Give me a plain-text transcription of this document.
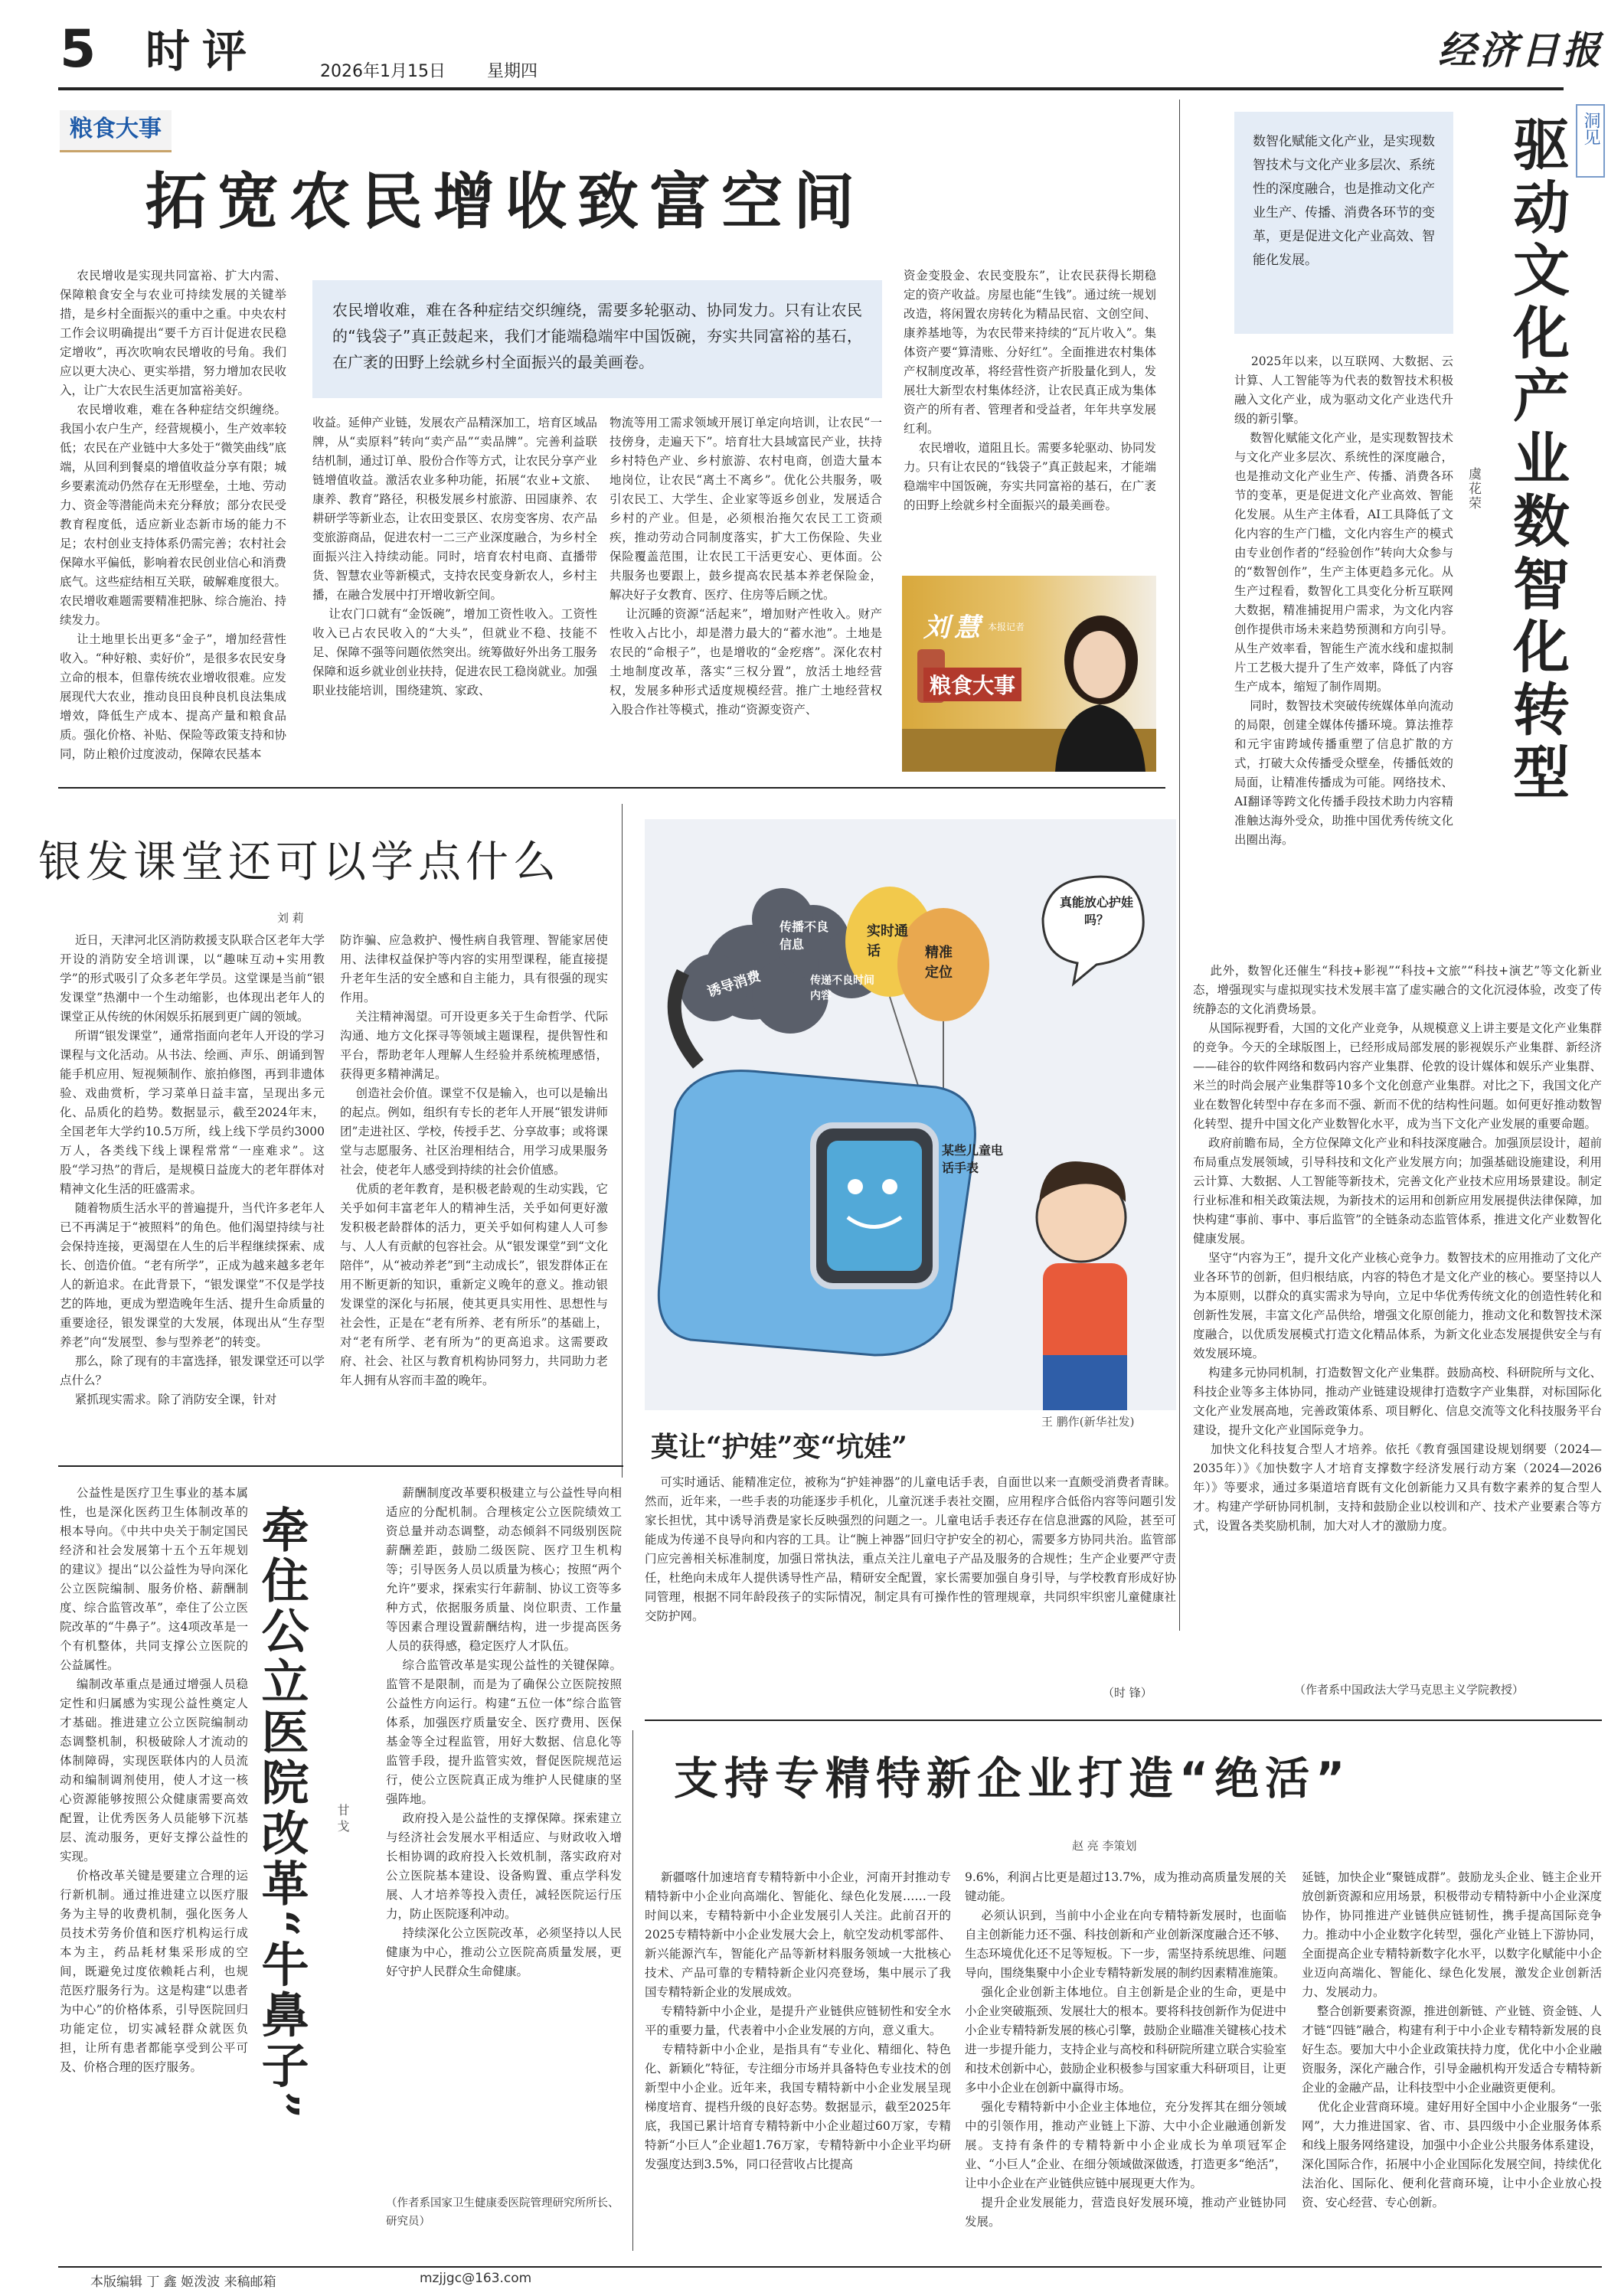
5 时评	2026年1月15日 星期四	经济日报
粮食大事
拓宽农民增收致富空间
农民增收是实现共同富裕、扩大内需、保障粮食安全与农业可持续发展的关键举措，是乡村全面振兴的重中之重。中央农村工作会议明确提出“要千方百计促进农民稳定增收”，再次吹响农民增收的号角。我们应以更大决心、更实举措，努力增加农民收入，让广大农民生活更加富裕美好。
农民增收难，难在各种症结交织缠绕。我国小农户生产，经营规模小，生产效率较低；农民在产业链中大多处于“微笑曲线”底端，从回利到餐桌的增值收益分享有限；城乡要素流动仍然存在无形壁垒，土地、劳动力、资金等潜能尚未充分释放；部分农民受教育程度低，适应新业态新市场的能力不足；农村创业支持体系仍需完善；农村社会保障水平偏低，影响着农民创业信心和消费底气。这些症结相互关联，破解难度很大。农民增收难题需要精准把脉、综合施治、持续发力。
让土地里长出更多“金子”，增加经营性收入。“种好粮、卖好价”，是很多农民安身立命的根本，但靠传统农业增收很难。应发展现代大农业，推动良田良种良机良法集成增效，降低生产成本、提高产量和粮食品质。强化价格、补贴、保险等政策支持和协同，防止粮价过度波动，保障农民基本
农民增收难，难在各种症结交织缠绕，需要多轮驱动、协同发力。只有让农民的“钱袋子”真正鼓起来，我们才能端稳端牢中国饭碗，夯实共同富裕的基石，在广袤的田野上绘就乡村全面振兴的最美画卷。
收益。延伸产业链，发展农产品精深加工，培育区域品牌，从“卖原料”转向“卖产品”“卖品牌”。完善利益联结机制，通过订单、股份合作等方式，让农民分享产业链增值收益。激活农业多种功能，拓展“农业+文旅、康养、教育”路径，积极发展乡村旅游、田园康养、农耕研学等新业态，让农田变景区、农房变客房、农产品变旅游商品，促进农村一二三产业深度融合，为乡村全面振兴注入持续动能。同时，培育农村电商、直播带货、智慧农业等新模式，支持农民变身新农人，乡村主播，在融合发展中打开增收新空间。
让农门口就有“金饭碗”，增加工资性收入。工资性收入已占农民收入的“大头”，但就业不稳、技能不足、保障不强等问题依然突出。统筹做好外出务工服务保障和返乡就业创业扶持，促进农民工稳岗就业。加强职业技能培训，围绕建筑、家政、
物流等用工需求领域开展订单定向培训，让农民“一技傍身，走遍天下”。培育壮大县域富民产业，扶持乡村特色产业、乡村旅游、农村电商，创造大量本地岗位，让农民“离土不离乡”。优化公共服务，吸引农民工、大学生、企业家等返乡创业，发展适合乡村的产业。但是，必须根治拖欠农民工工资顽疾，推动劳动合同制度落实，扩大工伤保险、失业保险覆盖范围，让农民工干活更安心、更体面。公共服务也要跟上，鼓乡提高农民基本养老保险金，解决好子女教育、医疗、住房等后顾之忧。
让沉睡的资源“活起来”，增加财产性收入。财产性收入占比小，却是潜力最大的“蓄水池”。土地是农民的“命根子”，也是增收的“金疙瘩”。深化农村土地制度改革，落实“三权分置”，放活土地经营权，发展多种形式适度规模经营。推广土地经营权入股合作社等模式，推动“资源变资产、
资金变股金、农民变股东”，让农民获得长期稳定的资产收益。房屋也能“生钱”。通过统一规划改造，将闲置农房转化为精品民宿、文创空间、康养基地等，为农民带来持续的“瓦片收入”。集体资产要“算清账、分好红”。全面推进农村集体产权制度改革，将经营性资产折股量化到人，发展壮大新型农村集体经济，让农民真正成为集体资产的所有者、管理者和受益者，年年共享发展红利。
农民增收，道阻且长。需要多轮驱动、协同发力。只有让农民的“钱袋子”真正鼓起来，才能端稳端牢中国饭碗，夯实共同富裕的基石，在广袤的田野上绘就乡村全面振兴的最美画卷。
刘慧 本报记者
粮食大事
数智化赋能文化产业，是实现数智技术与文化产业多层次、系统性的深度融合，也是推动文化产业生产、传播、消费各环节的变革，更是促进文化产业高效、智能化发展。
洞见
驱动文化产业数智化转型
虞花荣
2025年以来，以互联网、大数据、云计算、人工智能等为代表的数智技术积极融入文化产业，成为驱动文化产业迭代升级的新引擎。
数智化赋能文化产业，是实现数智技术与文化产业多层次、系统性的深度融合，也是推动文化产业生产、传播、消费各环节的变革，更是促进文化产业高效、智能化发展。从生产主体看，AI工具降低了文化内容的生产门槛，文化内容生产的模式由专业创作者的“经验创作”转向大众参与的“数智创作”，生产主体更趋多元化。从生产过程看，数智化工具变化分析互联网大数据，精准捕捉用户需求，为文化内容创作提供市场未来趋势预测和方向引导。从生产效率看，智能生产流水线和虚拟制片工艺极大提升了生产效率，降低了内容生产成本，缩短了制作周期。
同时，数智技术突破传统媒体单向流动的局限，创建全媒体传播环境。算法推荐和元宇宙跨域传播重塑了信息扩散的方式，打破大众传播受众壁垒，传播低效的局面，让精准传播成为可能。网络技术、AI翻译等跨文化传播手段技术助力内容精准触达海外受众，助推中国优秀传统文化出圈出海。
此外，数智化还催生“科技+影视”“科技+文旅”“科技+演艺”等文化新业态，增强现实与虚拟现实技术发展丰富了虚实融合的文化沉浸体验，改变了传统静态的文化消费场景。
从国际视野看，大国的文化产业竞争，从规模意义上讲主要是文化产业集群的竞争。今天的全球版图上，已经形成局部发展的影视娱乐产业集群、新经济——硅谷的软件网络和数码内容产业集群、伦敦的设计媒体和娱乐产业集群、米兰的时尚会展产业集群等10多个文化创意产业集群。对比之下，我国文化产业在数智化转型中存在多而不强、新而不优的结构性问题。如何更好推动数智化转型、提升中国文化产业数智化水平，成为当下文化产业发展的重要命题。
政府前瞻布局，全方位保障文化产业和科技深度融合。加强顶层设计，超前布局重点发展领域，引导科技和文化产业发展方向；加强基础设施建设，利用云计算、大数据、人工智能等新技术，完善文化产业技术应用场景建设。制定行业标准和相关政策法规，为新技术的运用和创新应用发展提供法律保障，加快构建“事前、事中、事后监管”的全链条动态监管体系，推进文化产业数智化健康发展。
坚守“内容为王”，提升文化产业核心竞争力。数智技术的应用推动了文化产业各环节的创新，但归根结底，内容的特色才是文化产业的核心。要坚持以人为本原则，以群众的真实需求为导向，立足中华优秀传统文化的创造性转化和创新性发展，丰富文化产品供给，增强文化原创能力，推动文化和数智技术深度融合，以优质发展模式打造文化精品体系，为新文化业态发展提供安全与有效发展环境。
构建多元协同机制，打造数智文化产业集群。鼓励高校、科研院所与文化、科技企业等多主体协同，推动产业链建设规律打造数字产业集群，对标国际化文化产业发展高地，完善政策体系、项目孵化、信息交流等文化科技服务平台建设，提升文化产业国际竞争力。
加快文化科技复合型人才培养。依托《教育强国建设规划纲要（2024—2035年）》《加快数字人才培育支撑数字经济发展行动方案（2024—2026年）》等要求，通过多渠道培育既有文化创新能力又具有数字素养的复合型人才。构建产学研协同机制，支持和鼓励企业以校训和产、技术产业要素合等方式，设置各类奖励机制，加大对人才的激励力度。
（作者系中国政法大学马克思主义学院教授）
银发课堂还可以学点什么
刘 莉
近日，天津河北区消防救援支队联合区老年大学开设的消防安全培训课，以“趣味互动+实用教学”的形式吸引了众多老年学员。这堂课是当前“银发课堂”热潮中一个生动缩影，也体现出老年人的课堂正从传统的休闲娱乐拓展到更广阔的领域。
所谓“银发课堂”，通常指面向老年人开设的学习课程与文化活动。从书法、绘画、声乐、朗诵到智能手机应用、短视频制作、旅拍修图，再到非遗体验、戏曲赏析，学习菜单日益丰富，呈现出多元化、品质化的趋势。数据显示，截至2024年末，全国老年大学约10.5万所，线上线下学员约3000万人，各类线下线上课程常常“一座难求”。这股“学习热”的背后，是规模日益庞大的老年群体对精神文化生活的旺盛需求。
随着物质生活水平的普遍提升，当代许多老年人已不再满足于“被照料”的角色。他们渴望持续与社会保持连接，更渴望在人生的后半程继续探索、成长、创造价值。“老有所学”，正成为越来越多老年人的新追求。在此背景下，“银发课堂”不仅是学技艺的阵地，更成为塑造晚年生活、提升生命质量的重要途径，银发课堂的大发展，体现出从“生存型养老”向“发展型、参与型养老”的转变。
那么，除了现有的丰富选择，银发课堂还可以学点什么？
紧抓现实需求。除了消防安全课，针对
防诈骗、应急救护、慢性病自我管理、智能家居使用、法律权益保护等内容的实用型课程，能直接提升老年生活的安全感和自主能力，具有很强的现实作用。
关注精神渴望。可开设更多关于生命哲学、代际沟通、地方文化探寻等领域主题课程，提供智性和平台，帮助老年人理解人生经验并系统梳理感悟，获得更多精神满足。
创造社会价值。课堂不仅是输入，也可以是输出的起点。例如，组织有专长的老年人开展“银发讲师团”走进社区、学校，传授手艺、分享故事；或将课堂与志愿服务、社区治理相结合，用学习成果服务社会，使老年人感受到持续的社会价值感。
优质的老年教育，是积极老龄观的生动实践，它关乎如何丰富老年人的精神生活，关乎如何更好激发积极老龄群体的活力，更关乎如何构建人人可参与、人人有贡献的包容社会。从“银发课堂”到“文化陪伴”，从“被动养老”到“主动成长”，银发群体正在用不断更新的知识，重新定义晚年的意义。推动银发课堂的深化与拓展，使其更具实用性、思想性与社会性，正是在“老有所养、老有所乐”的基础上，对“老有所学、老有所为”的更高追求。这需要政府、社会、社区与教育机构协同努力，共同助力老年人拥有从容而丰盈的晚年。
诱导消费
传播不良信息
传递不良时间内容
实时通话	精准定位
真能放心护娃吗？
某些儿童电话手表
王 鹏作(新华社发)
莫让“护娃”变“坑娃”
可实时通话、能精准定位，被称为“护娃神器”的儿童电话手表，自面世以来一直颇受消费者青睐。然而，近年来，一些手表的功能逐步手机化，儿童沉迷手表社交圈，应用程序合低俗内容等问题引发家长担忧，其中诱导消费是家长反映强烈的问题之一。儿童电话手表还存在信息泄露的风险，甚至可能成为传递不良导向和内容的工具。让“腕上神器”回归守护安全的初心，需要多方协同共治。监管部门应完善相关标准制度，加强日常执法，重点关注儿童电子产品及服务的合规性；生产企业要严守责任，杜绝向未成年人提供诱导性产品，精研安全配置，家长需要加强自身引导，与学校教育形成好协同管理，根据不同年龄段孩子的实际情况，制定具有可操作性的管理规章，共同织牢织密儿童健康社交防护网。
（时 锋）
公益性是医疗卫生事业的基本属性，也是深化医药卫生体制改革的根本导向。《中共中央关于制定国民经济和社会发展第十五个五年规划的建议》提出“以公益性为导向深化公立医院编制、服务价格、薪酬制度、综合监管改革”，牵住了公立医院改革的“牛鼻子”。这4项改革是一个有机整体，共同支撑公立医院的公益属性。
编制改革重点是通过增强人员稳定性和归属感为实现公益性奠定人才基础。推进建立公立医院编制动态调整机制，积极破除人才流动的体制障碍，实现医联体内的人员流动和编制调剂使用，使人才这一核心资源能够按照公众健康需要高效配置，让优秀医务人员能够下沉基层、流动服务，更好支撑公益性的实现。
价格改革关键是要建立合理的运行新机制。通过推进建立以医疗服务为主导的收费机制，强化医务人员技术劳务价值和医疗机构运行成本为主，药品耗材集采形成的空间，既避免过度依赖耗占利，也规范医疗服务行为。这是构建“以患者为中心”的价格体系，引导医院回归功能定位，切实减轻群众就医负担，让所有患者都能享受到公平可及、价格合理的医疗服务。	牵住公立医院改革“牛鼻子” 甘 戈
薪酬制度改革要积极建立与公益性导向相适应的分配机制。合理核定公立医院绩效工资总量并动态调整，动态倾斜不同级别医院薪酬差距，鼓励二级医院、医疗卫生机构等；引导医务人员以质量为核心；按照“两个允许”要求，探索实行年薪制、协议工资等多种方式，依据服务质量、岗位职责、工作量等因素合理设置薪酬结构，进一步提高医务人员的获得感，稳定医疗人才队伍。
综合监管改革是实现公益性的关键保障。监管不是限制，而是为了确保公立医院按照公益性方向运行。构建“五位一体”综合监管体系，加强医疗质量安全、医疗费用、医保基金等全过程监管，用好大数据、信息化等监管手段，提升监管实效，督促医院规范运行，使公立医院真正成为维护人民健康的坚强阵地。
政府投入是公益性的支撑保障。探索建立与经济社会发展水平相适应、与财政收入增长相协调的政府投入长效机制，落实政府对公立医院基本建设、设备购置、重点学科发展、人才培养等投入责任，减轻医院运行压力，防止医院逐利冲动。
持续深化公立医院改革，必须坚持以人民健康为中心，推动公立医院高质量发展，更好守护人民群众生命健康。
（作者系国家卫生健康委医院管理研究所所长、研究员）
支持专精特新企业打造“绝活”
赵 亮 李策划
新疆喀什加速培育专精特新中小企业，河南开封推动专精特新中小企业向高端化、智能化、绿色化发展……一段时间以来，专精特新中小企业发展引人关注。此前召开的2025专精特新中小企业发展大会上，航空发动机零部件、新兴能源汽车，智能化产品等新材料服务领域一大批核心技术、产品可靠的专精特新企业闪亮登场，集中展示了我国专精特新企业的发展成效。
专精特新中小企业，是提升产业链供应链韧性和安全水平的重要力量，代表着中小企业发展的方向，意义重大。
专精特新中小企业，是指具有“专业化、精细化、特色化、新颖化”特征，专注细分市场并具备特色专业技术的创新型中小企业。近年来，我国专精特新中小企业发展呈现梯度培育、提档升级的良好态势。数据显示，截至2025年底，我国已累计培育专精特新中小企业超过60万家，专精特新“小巨人”企业超1.76万家，专精特新中小企业平均研发强度达到3.5%，同口径营收占比提高
9.6%，利润占比更是超过13.7%，成为推动高质量发展的关键动能。
必须认识到，当前中小企业在向专精特新发展时，也面临自主创新能力还不强、科技创新和产业创新深度融合还不够、生态环境优化还不足等短板。下一步，需坚持系统思维、问题导向，围绕集聚中小企业专精特新发展的制约因素精准施策。
强化企业创新主体地位。自主创新是企业的生命，更是中小企业突破瓶颈、发展壮大的根本。要将科技创新作为促进中小企业专精特新发展的核心引擎，鼓励企业瞄准关键核心技术进一步提升能力，支持企业与高校和科研院所建立联合实验室和技术创新中心，鼓励企业积极参与国家重大科研项目，让更多中小企业在创新中赢得市场。
强化专精特新中小企业主体地位，充分发挥其在细分领域中的引领作用，推动产业链上下游、大中小企业融通创新发展。支持有条件的专精特新中小企业成长为单项冠军企业、“小巨人”企业、在细分领域做深做透，打造更多“绝活”，让中小企业在产业链供应链中展现更大作为。
提升企业发展能力，营造良好发展环境，推动产业链协同发展。
延链，加快企业“聚链成群”。鼓励龙头企业、链主企业开放创新资源和应用场景，积极带动专精特新中小企业深度协作，协同推进产业链供应链韧性，携手提高国际竞争力。推动中小企业数字化转型，强化产业链上下游协同，全面提高企业专精特新数字化水平，以数字化赋能中小企业迈向高端化、智能化、绿色化发展，激发企业创新活力、发展动力。
整合创新要素资源，推进创新链、产业链、资金链、人才链“四链”融合，构建有利于中小企业专精特新发展的良好生态。要加大中小企业政策扶持力度，优化中小企业融资服务，深化产融合作，引导金融机构开发适合专精特新企业的金融产品，让科技型中小企业融资更便利。
优化企业营商环境。建好用好全国中小企业服务“一张网”，大力推进国家、省、市、县四级中小企业服务体系和线上服务网络建设，加强中小企业公共服务体系建设，深化国际合作，拓展中小企业国际化发展空间，持续优化法治化、国际化、便利化营商环境，让中小企业放心投资、安心经营、专心创新。
本版编辑 丁 鑫 姬泼波 来稿邮箱	mzjjgc@163.com
